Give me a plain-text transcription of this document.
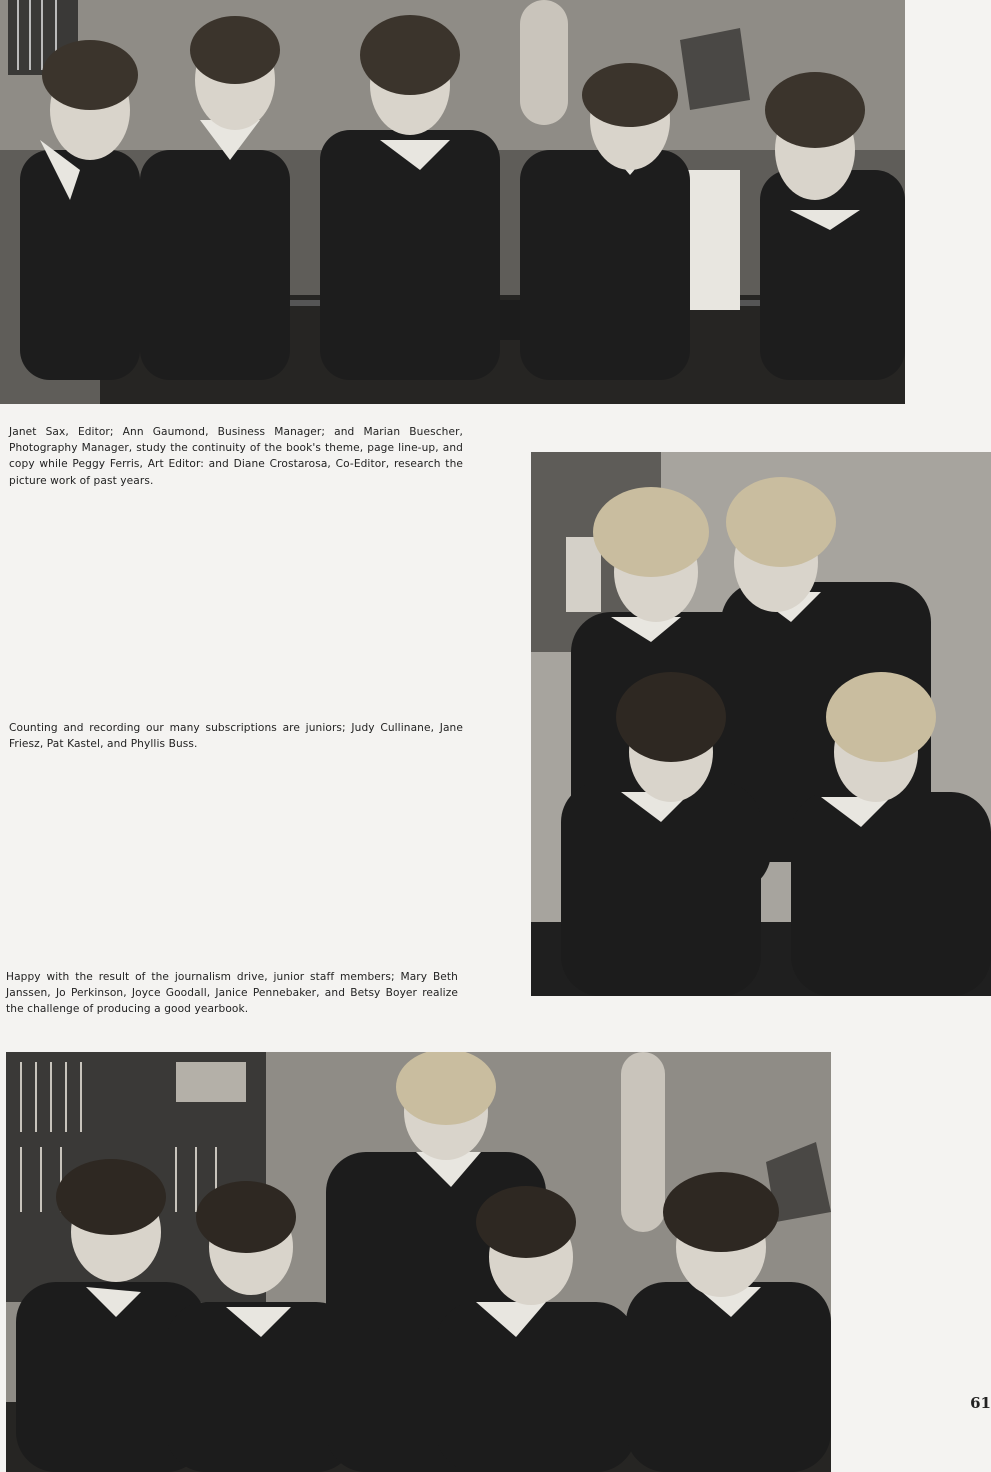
Janet Sax, Editor; Ann Gaumond, Business Manager; and Marian Buescher, Photography Manager, study the continuity of the book's theme, page line-up, and copy while Peggy Ferris, Art Editor: and Diane Crostarosa, Co-Editor, research the picture work of past years.

Counting and recording our many subscriptions are juniors; Judy Cullinane, Jane Friesz, Pat Kastel, and Phyllis Buss.

Happy with the result of the journalism drive, junior staff members; Mary Beth Janssen, Jo Perkinson, Joyce Goodall, Janice Pennebaker, and Betsy Boyer realize the challenge of producing a good yearbook.

61
